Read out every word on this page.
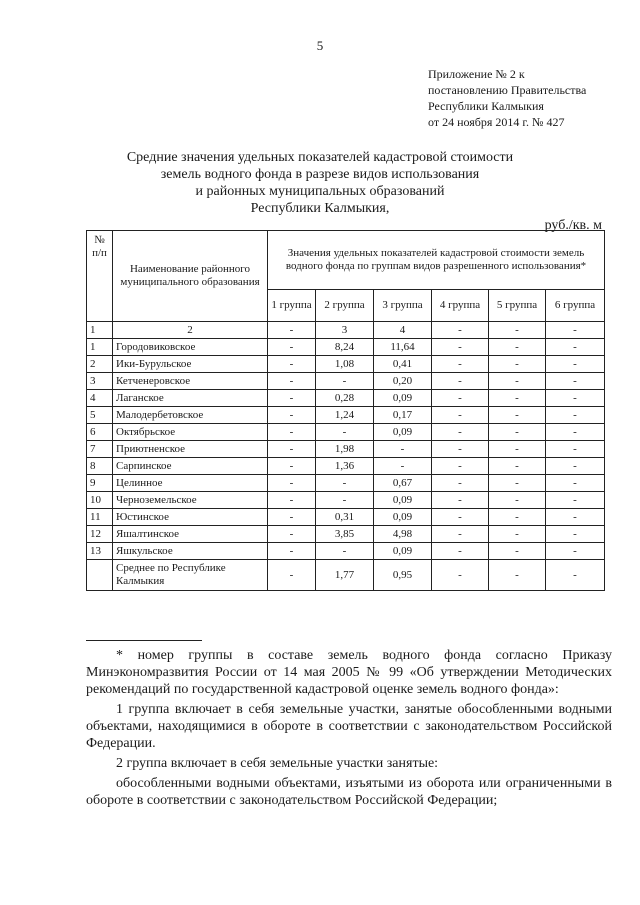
5
Приложение № 2 к
постановлению Правительства
Республики Калмыкия
от 24 ноября 2014 г. № 427
Средние значения удельных показателей кадастровой стоимости
земель водного фонда в разрезе видов использования
и районных муниципальных образований
Республики Калмыкия,
руб./кв. м
№ п/п	Наименование районного муниципального образования	Значения удельных показателей кадастровой стоимости земель водного фонда по группам видов разрешенного использования*					
		1 группа	2 группа	3 группа	4 группа	5 группа	6 группа
1	2	-	3	4	-	-	-
1	Городовиковское	-	8,24	11,64	-	-	-
2	Ики-Бурульское	-	1,08	0,41	-	-	-
3	Кетченеровское	-	-	0,20	-	-	-
4	Лаганское	-	0,28	0,09	-	-	-
5	Малодербетовское	-	1,24	0,17	-	-	-
6	Октябрьское	-	-	0,09	-	-	-
7	Приютненское	-	1,98	-	-	-	-
8	Сарпинское	-	1,36	-	-	-	-
9	Целинное	-	-	0,67	-	-	-
10	Черноземельское	-	-	0,09	-	-	-
11	Юстинское	-	0,31	0,09	-	-	-
12	Яшалтинское	-	3,85	4,98	-	-	-
13	Яшкульское	-	-	0,09	-	-	-
	Среднее по Республике Калмыкия	-	1,77	0,95	-	-	-

* номер группы в составе земель водного фонда согласно Приказу Минэкономразвития России от 14 мая 2005 № 99 «Об утверждении Методических рекомендаций по государственной кадастровой оценке земель водного фонда»:

1 группа включает в себя земельные участки, занятые обособленными водными объектами, находящимися в обороте в соответствии с законодательством Российской Федерации.

2 группа включает в себя земельные участки занятые:

обособленными водными объектами, изъятыми из оборота или ограниченными в обороте в соответствии с законодательством Российской Федерации;
